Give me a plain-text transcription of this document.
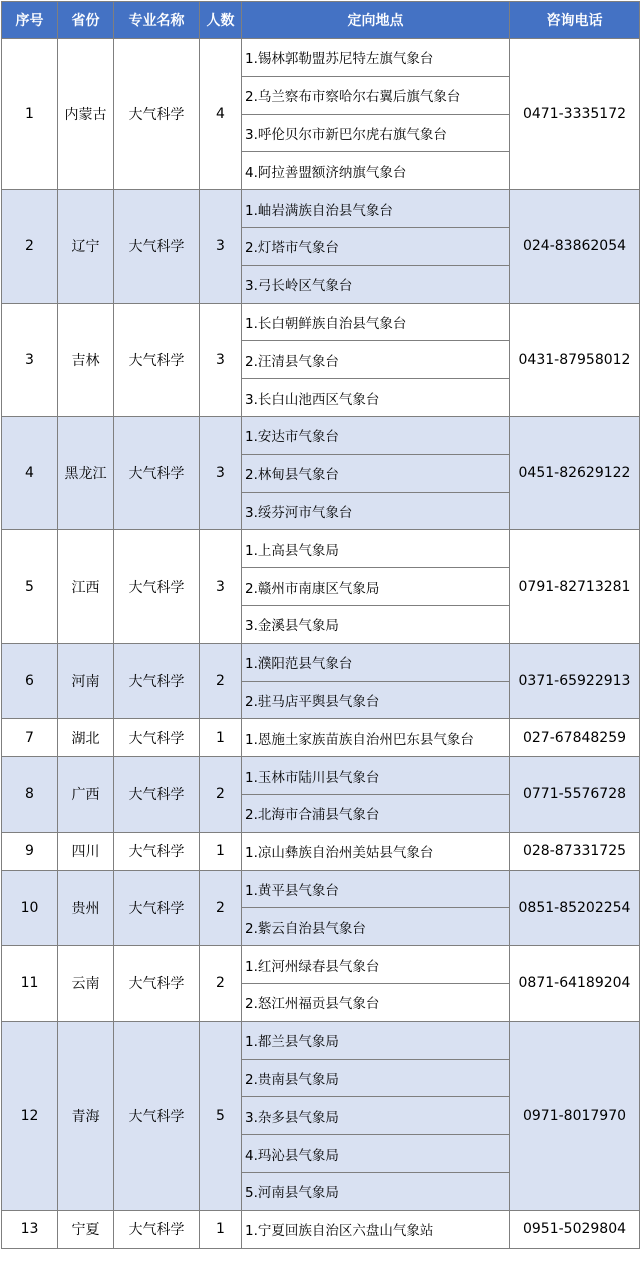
序号	省份	专业名称	人数	定向地点	咨询电话
1	内蒙古	大气科学	4	1.锡林郭勒盟苏尼特左旗气象台	0471-3335172
				2.乌兰察布市察哈尔右翼后旗气象台	
				3.呼伦贝尔市新巴尔虎右旗气象台	
				4.阿拉善盟额济纳旗气象台	
2	辽宁	大气科学	3	1.岫岩满族自治县气象台	024-83862054
				2.灯塔市气象台	
				3.弓长岭区气象台	
3	吉林	大气科学	3	1.长白朝鲜族自治县气象台	0431-87958012
				2.汪清县气象台	
				3.长白山池西区气象台	
4	黑龙江	大气科学	3	1.安达市气象台	0451-82629122
				2.林甸县气象台	
				3.绥芬河市气象台	
5	江西	大气科学	3	1.上高县气象局	0791-82713281
				2.赣州市南康区气象局	
				3.金溪县气象局	
6	河南	大气科学	2	1.濮阳范县气象台	0371-65922913
				2.驻马店平舆县气象台	
7	湖北	大气科学	1	1.恩施土家族苗族自治州巴东县气象台	027-67848259
8	广西	大气科学	2	1.玉林市陆川县气象台	0771-5576728
				2.北海市合浦县气象台	
9	四川	大气科学	1	1.凉山彝族自治州美姑县气象台	028-87331725
10	贵州	大气科学	2	1.黄平县气象台	0851-85202254
				2.紫云自治县气象台	
11	云南	大气科学	2	1.红河州绿春县气象台	0871-64189204
				2.怒江州福贡县气象台	
12	青海	大气科学	5	1.都兰县气象局	0971-8017970
				2.贵南县气象局	
				3.杂多县气象局	
				4.玛沁县气象局	
				5.河南县气象局	
13	宁夏	大气科学	1	1.宁夏回族自治区六盘山气象站	0951-5029804
